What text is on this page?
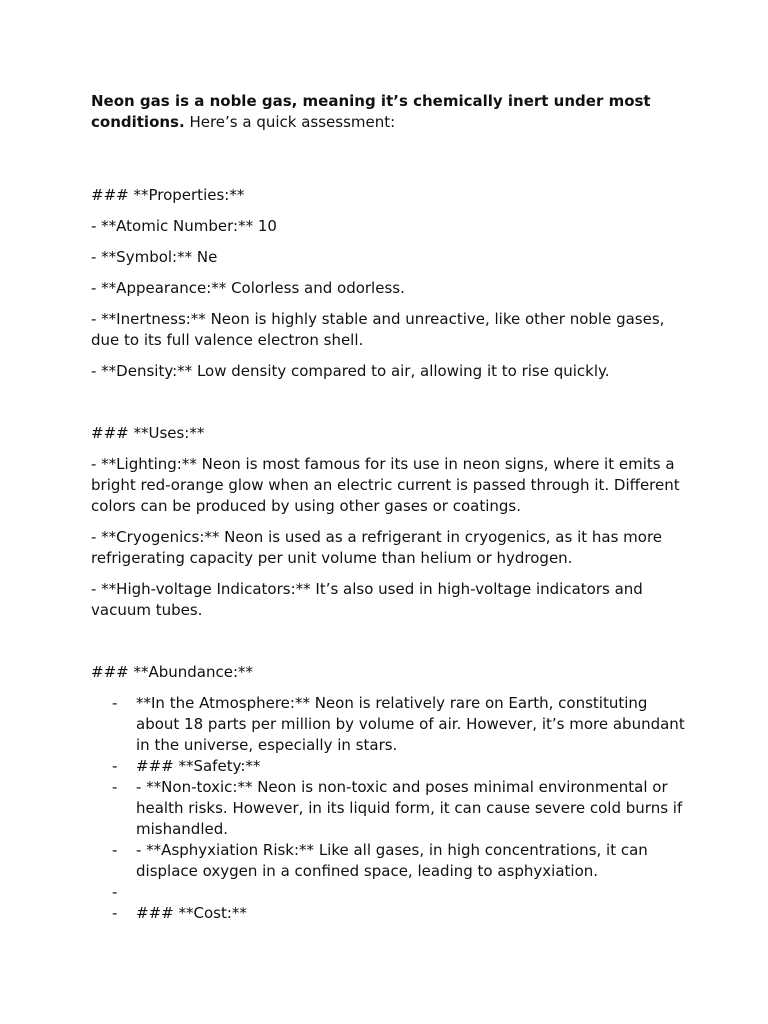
Neon gas is a noble gas, meaning it’s chemically inert under most conditions. Here’s a quick assessment:

### **Properties:**

- **Atomic Number:** 10

- **Symbol:** Ne

- **Appearance:** Colorless and odorless.

- **Inertness:** Neon is highly stable and unreactive, like other noble gases, due to its full valence electron shell.

- **Density:** Low density compared to air, allowing it to rise quickly.

### **Uses:**

- **Lighting:** Neon is most famous for its use in neon signs, where it emits a bright red-orange glow when an electric current is passed through it. Different colors can be produced by using other gases or coatings.

- **Cryogenics:** Neon is used as a refrigerant in cryogenics, as it has more refrigerating capacity per unit volume than helium or hydrogen.

- **High-voltage Indicators:** It’s also used in high-voltage indicators and vacuum tubes.

### **Abundance:**

- **In the Atmosphere:** Neon is relatively rare on Earth, constituting about 18 parts per million by volume of air. However, it’s more abundant in the universe, especially in stars.
- ### **Safety:**
- - **Non-toxic:** Neon is non-toxic and poses minimal environmental or health risks. However, in its liquid form, it can cause severe cold burns if mishandled.
- - **Asphyxiation Risk:** Like all gases, in high concentrations, it can displace oxygen in a confined space, leading to asphyxiation.
-
- ### **Cost:**
